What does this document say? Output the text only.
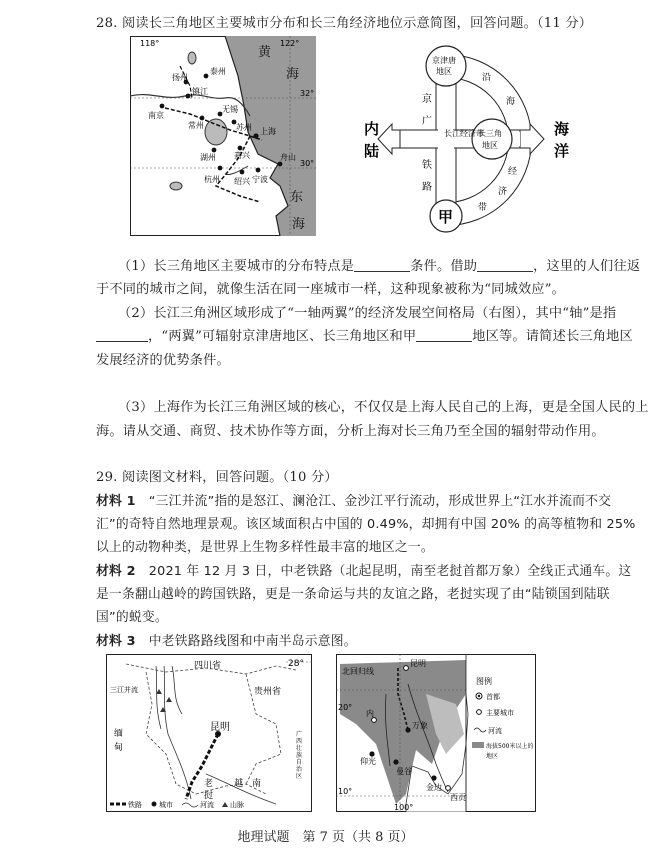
28. 阅读长三角地区主要城市分布和长三角经济地位示意简图，回答问题。（11 分）
118°	122°
32°
30°
黄
海
东
海
扬州
泰州
镇江
南京
常州
无锡
苏州 上海
湖州 嘉兴
杭州 绍兴 宁波
舟山
内
陆
海
洋
京津唐
地区
长江经济带
长三角
地区
京
广
铁
路
沿
海
经
济
带
甲
（1）长三角地区主要城市的分布特点是	条件。借助	，这里的人们往返
于不同的城市之间，就像生活在同一座城市一样，这种现象被称为“同城效应”。
（2）长江三角洲区域形成了“一轴两翼”的经济发展空间格局（右图），其中“轴”是指
，“两翼”可辐射京津唐地区、长三角地区和甲	地区等。请简述长三角地区
发展经济的优势条件。
（3）上海作为长江三角洲区域的核心，不仅仅是上海人民自己的上海，更是全国人民的上
海。请从交通、商贸、技术协作等方面，分析上海对长三角乃至全国的辐射带动作用。
29. 阅读图文材料，回答问题。（10 分）
材料 1　 “三江并流”指的是怒江、澜沧江、金沙江平行流动，形成世界上“江水并流而不交
汇”的奇特自然地理景观。该区域面积占中国的 0.49%，却拥有中国 20% 的高等植物和 25%
以上的动物种类，是世界上生物多样性最丰富的地区之一。
材料 2　 2021 年 12 月 3 日，中老铁路（北起昆明，南至老挝首都万象）全线正式通车。这
是一条翻山越岭的跨国铁路，更是一条命运与共的友谊之路，老挝实现了由“陆锁国到陆联
国”的蜕变。
材料 3　 中老铁路路线图和中南半岛示意图。
28°
四川省
三江并流	贵州省
缅
甸
昆明
广
西
壮
族
自
治
区
老
挝
越　南
铁路 城市	河流 山脉
北回归线
昆明
20°
10°
100°
内
万象
曼谷
仰光
金边
西贡
图例
首都
主要城市
河流
海拔500米以上的
地区
地理试题　第 7 页（共 8 页）
